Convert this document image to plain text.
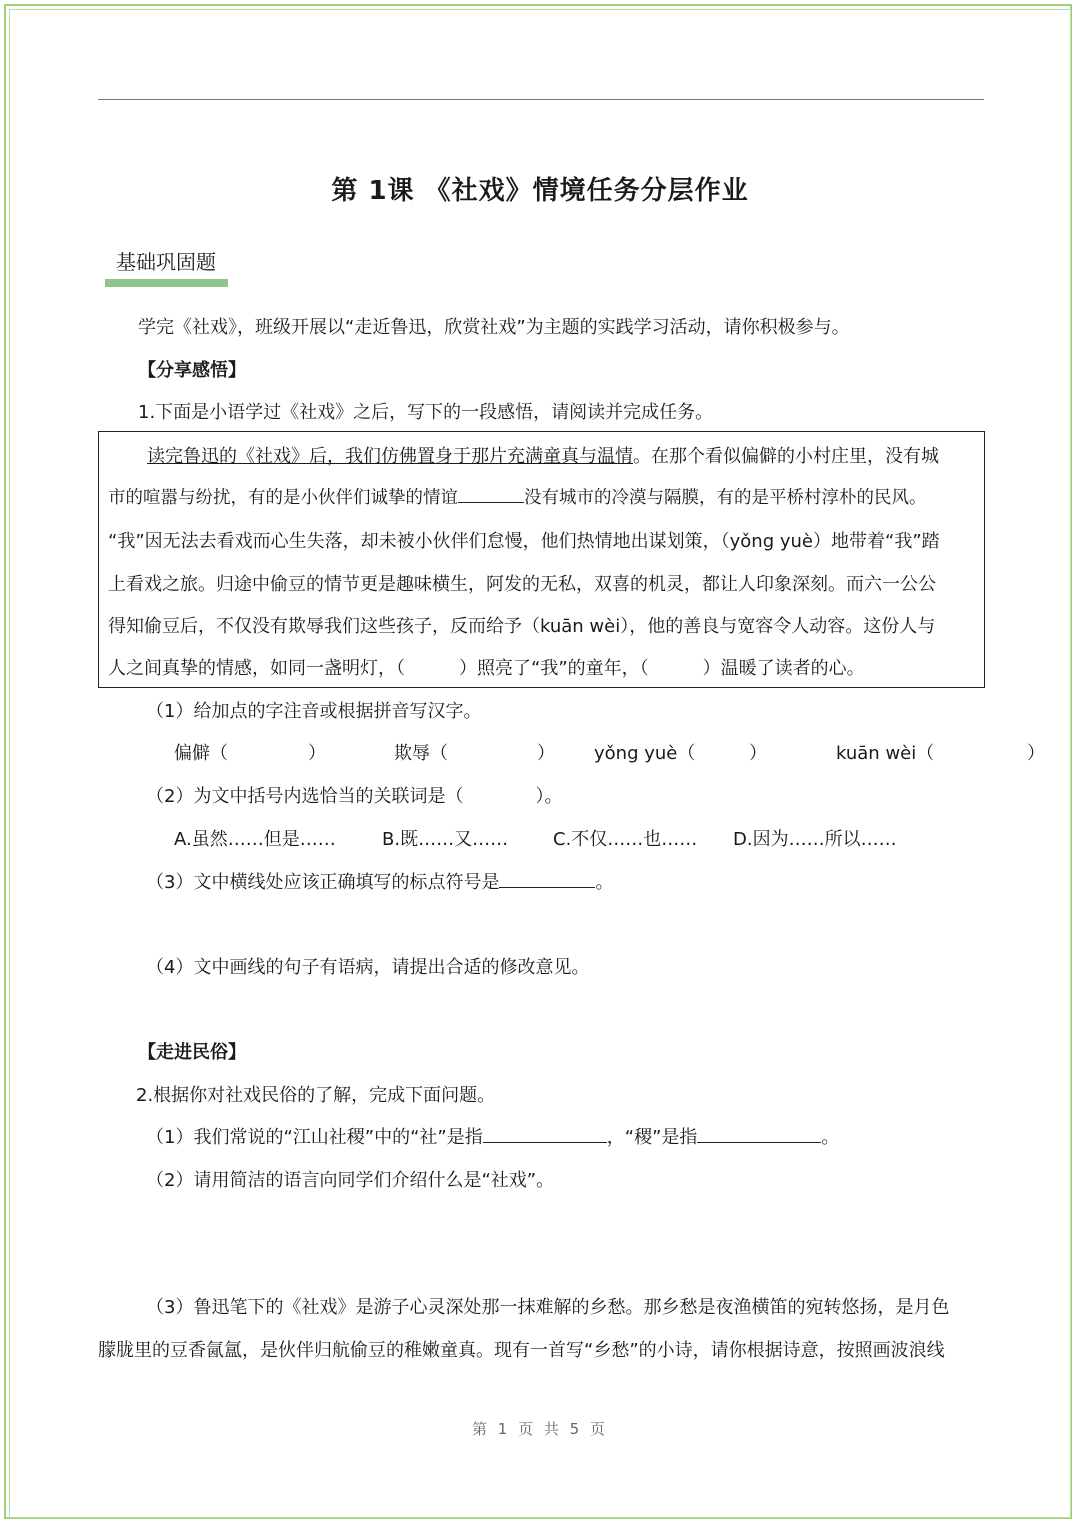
第 1课 《社戏》情境任务分层作业
基础巩固题
学完《社戏》，班级开展以“走近鲁迅，欣赏社戏”为主题的实践学习活动，请你积极参与。
【分享感悟】
1.下面是小语学过《社戏》之后，写下的一段感悟，请阅读并完成任务。
读完鲁迅的《社戏》后，我们仿佛置身于那片充满童真与温情。在那个看似偏僻的小村庄里，没有城
市的喧嚣与纷扰，有的是小伙伴们诚挚的情谊	没有城市的冷漠与隔膜，有的是平桥村淳朴的民风。
“我”因无法去看戏而心生失落，却未被小伙伴们怠慢，他们热情地出谋划策，（yǒng yuè）地带着“我”踏
上看戏之旅。归途中偷豆的情节更是趣味横生，阿发的无私，双喜的机灵，都让人印象深刻。而六一公公
得知偷豆后，不仅没有欺辱我们这些孩子，反而给予（kuān wèi），他的善良与宽容令人动容。这份人与
人之间真挚的情感，如同一盏明灯，（　　　）照亮了“我”的童年，（　　　）温暖了读者的心。
（1）给加点的字注音或根据拼音写汉字。
偏僻（	）	欺辱（	） yǒng yuè（	）	kuān wèi（	）
（2）为文中括号内选恰当的关联词是（　　　　）。
A.虽然……但是……	B.既……又…… C.不仅……也…… D.因为……所以……
（3）文中横线处应该正确填写的标点符号是	。
（4）文中画线的句子有语病，请提出合适的修改意见。
【走进民俗】
2.根据你对社戏民俗的了解，完成下面问题。
（1）我们常说的“江山社稷”中的“社”是指	，“稷”是指	。
（2）请用简洁的语言向同学们介绍什么是“社戏”。
（3）鲁迅笔下的《社戏》是游子心灵深处那一抹难解的乡愁。那乡愁是夜渔横笛的宛转悠扬，是月色
朦胧里的豆香氤氲，是伙伴归航偷豆的稚嫩童真。现有一首写“乡愁”的小诗，请你根据诗意，按照画波浪线
第 1 页 共 5 页
